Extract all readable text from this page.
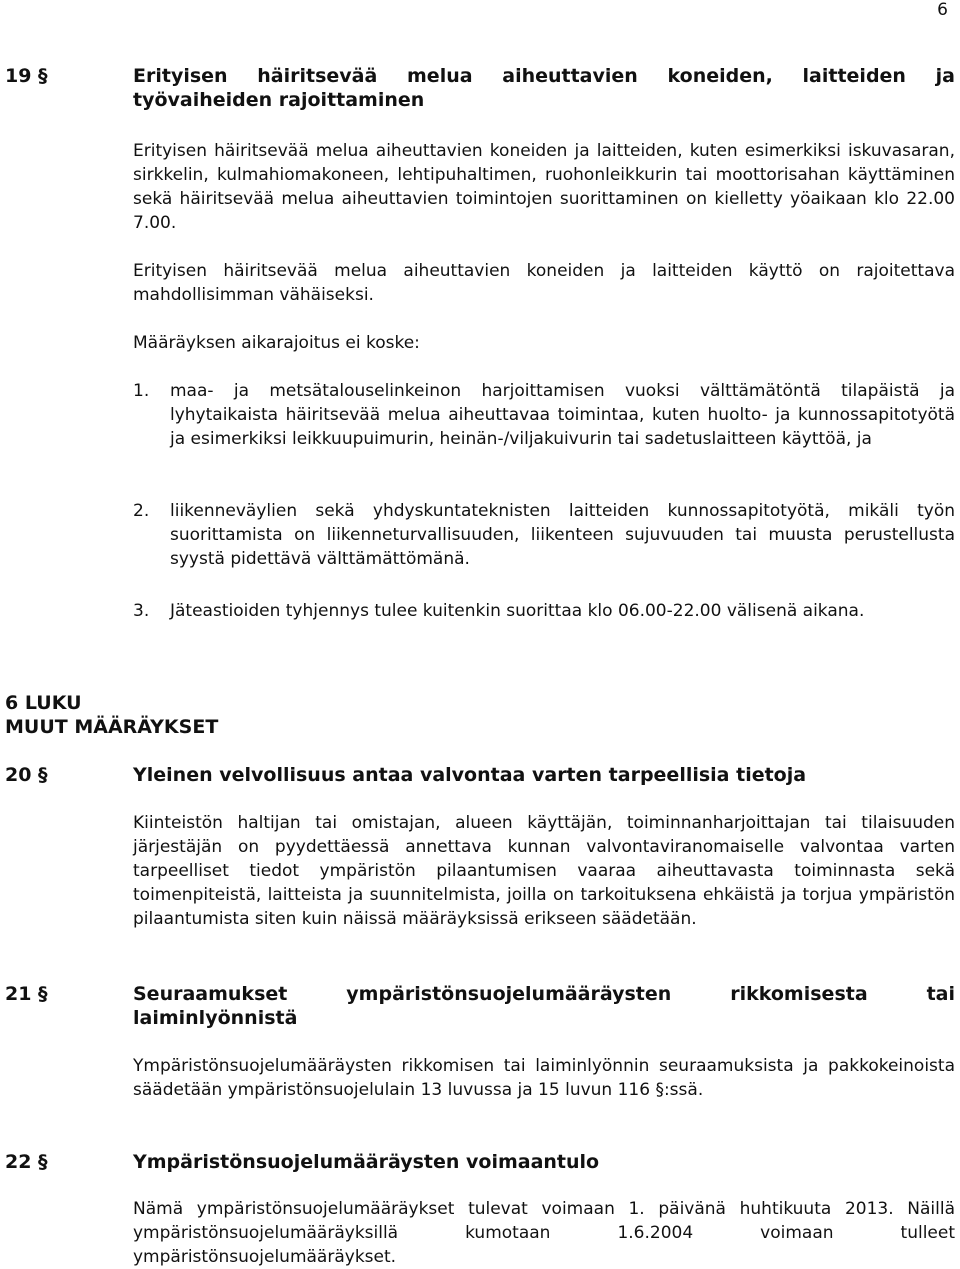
6
19 §	Erityisen häiritsevää melua aiheuttavien koneiden, laitteiden ja työvaiheiden rajoittaminen
Erityisen häiritsevää melua aiheuttavien koneiden ja laitteiden, kuten esimerkiksi iskuvasaran, sirkkelin, kulmahiomakoneen, lehtipuhaltimen, ruohonleikkurin tai moottorisahan käyttäminen sekä häiritsevää melua aiheuttavien toimintojen suorittaminen on kielletty yöaikaan klo 22.00 7.00.
Erityisen häiritsevää melua aiheuttavien koneiden ja laitteiden käyttö on rajoitettava mahdollisimman vähäiseksi.
Määräyksen aikarajoitus ei koske:
1. maa- ja metsätalouselinkeinon harjoittamisen vuoksi välttämätöntä tilapäistä ja lyhytaikaista häiritsevää melua aiheuttavaa toimintaa, kuten huolto- ja kunnossapitotyötä ja esimerkiksi leikkuupuimurin, heinän-/viljakuivurin tai sadetuslaitteen käyttöä, ja
2. liikenneväylien sekä yhdyskuntateknisten laitteiden kunnossapitotyötä, mikäli työn suorittamista on liikenneturvallisuuden, liikenteen sujuvuuden tai muusta perustellusta syystä pidettävä välttämättömänä.
3. Jäteastioiden tyhjennys tulee kuitenkin suorittaa klo 06.00-22.00 välisenä aikana.
6 LUKU
MUUT MÄÄRÄYKSET
20 §	Yleinen velvollisuus antaa valvontaa varten tarpeellisia tietoja
Kiinteistön haltijan tai omistajan, alueen käyttäjän, toiminnanharjoittajan tai tilaisuuden järjestäjän on pyydettäessä annettava kunnan valvontaviranomaiselle valvontaa varten tarpeelliset tiedot ympäristön pilaantumisen vaaraa aiheuttavasta toiminnasta sekä toimenpiteistä, laitteista ja suunnitelmista, joilla on tarkoituksena ehkäistä ja torjua ympäristön pilaantumista siten kuin näissä määräyksissä erikseen säädetään.
21 §	Seuraamukset ympäristönsuojelumääräysten rikkomisesta tai laiminlyönnistä
Ympäristönsuojelumääräysten rikkomisen tai laiminlyönnin seuraamuksista ja pakkokeinoista säädetään ympäristönsuojelulain 13 luvussa ja 15 luvun 116 §:ssä.
22 §	Ympäristönsuojelumääräysten voimaantulo
Nämä ympäristönsuojelumääräykset tulevat voimaan 1. päivänä huhtikuuta 2013. Näillä ympäristönsuojelumääräyksillä kumotaan 1.6.2004 voimaan tulleet ympäristönsuojelumääräykset.
